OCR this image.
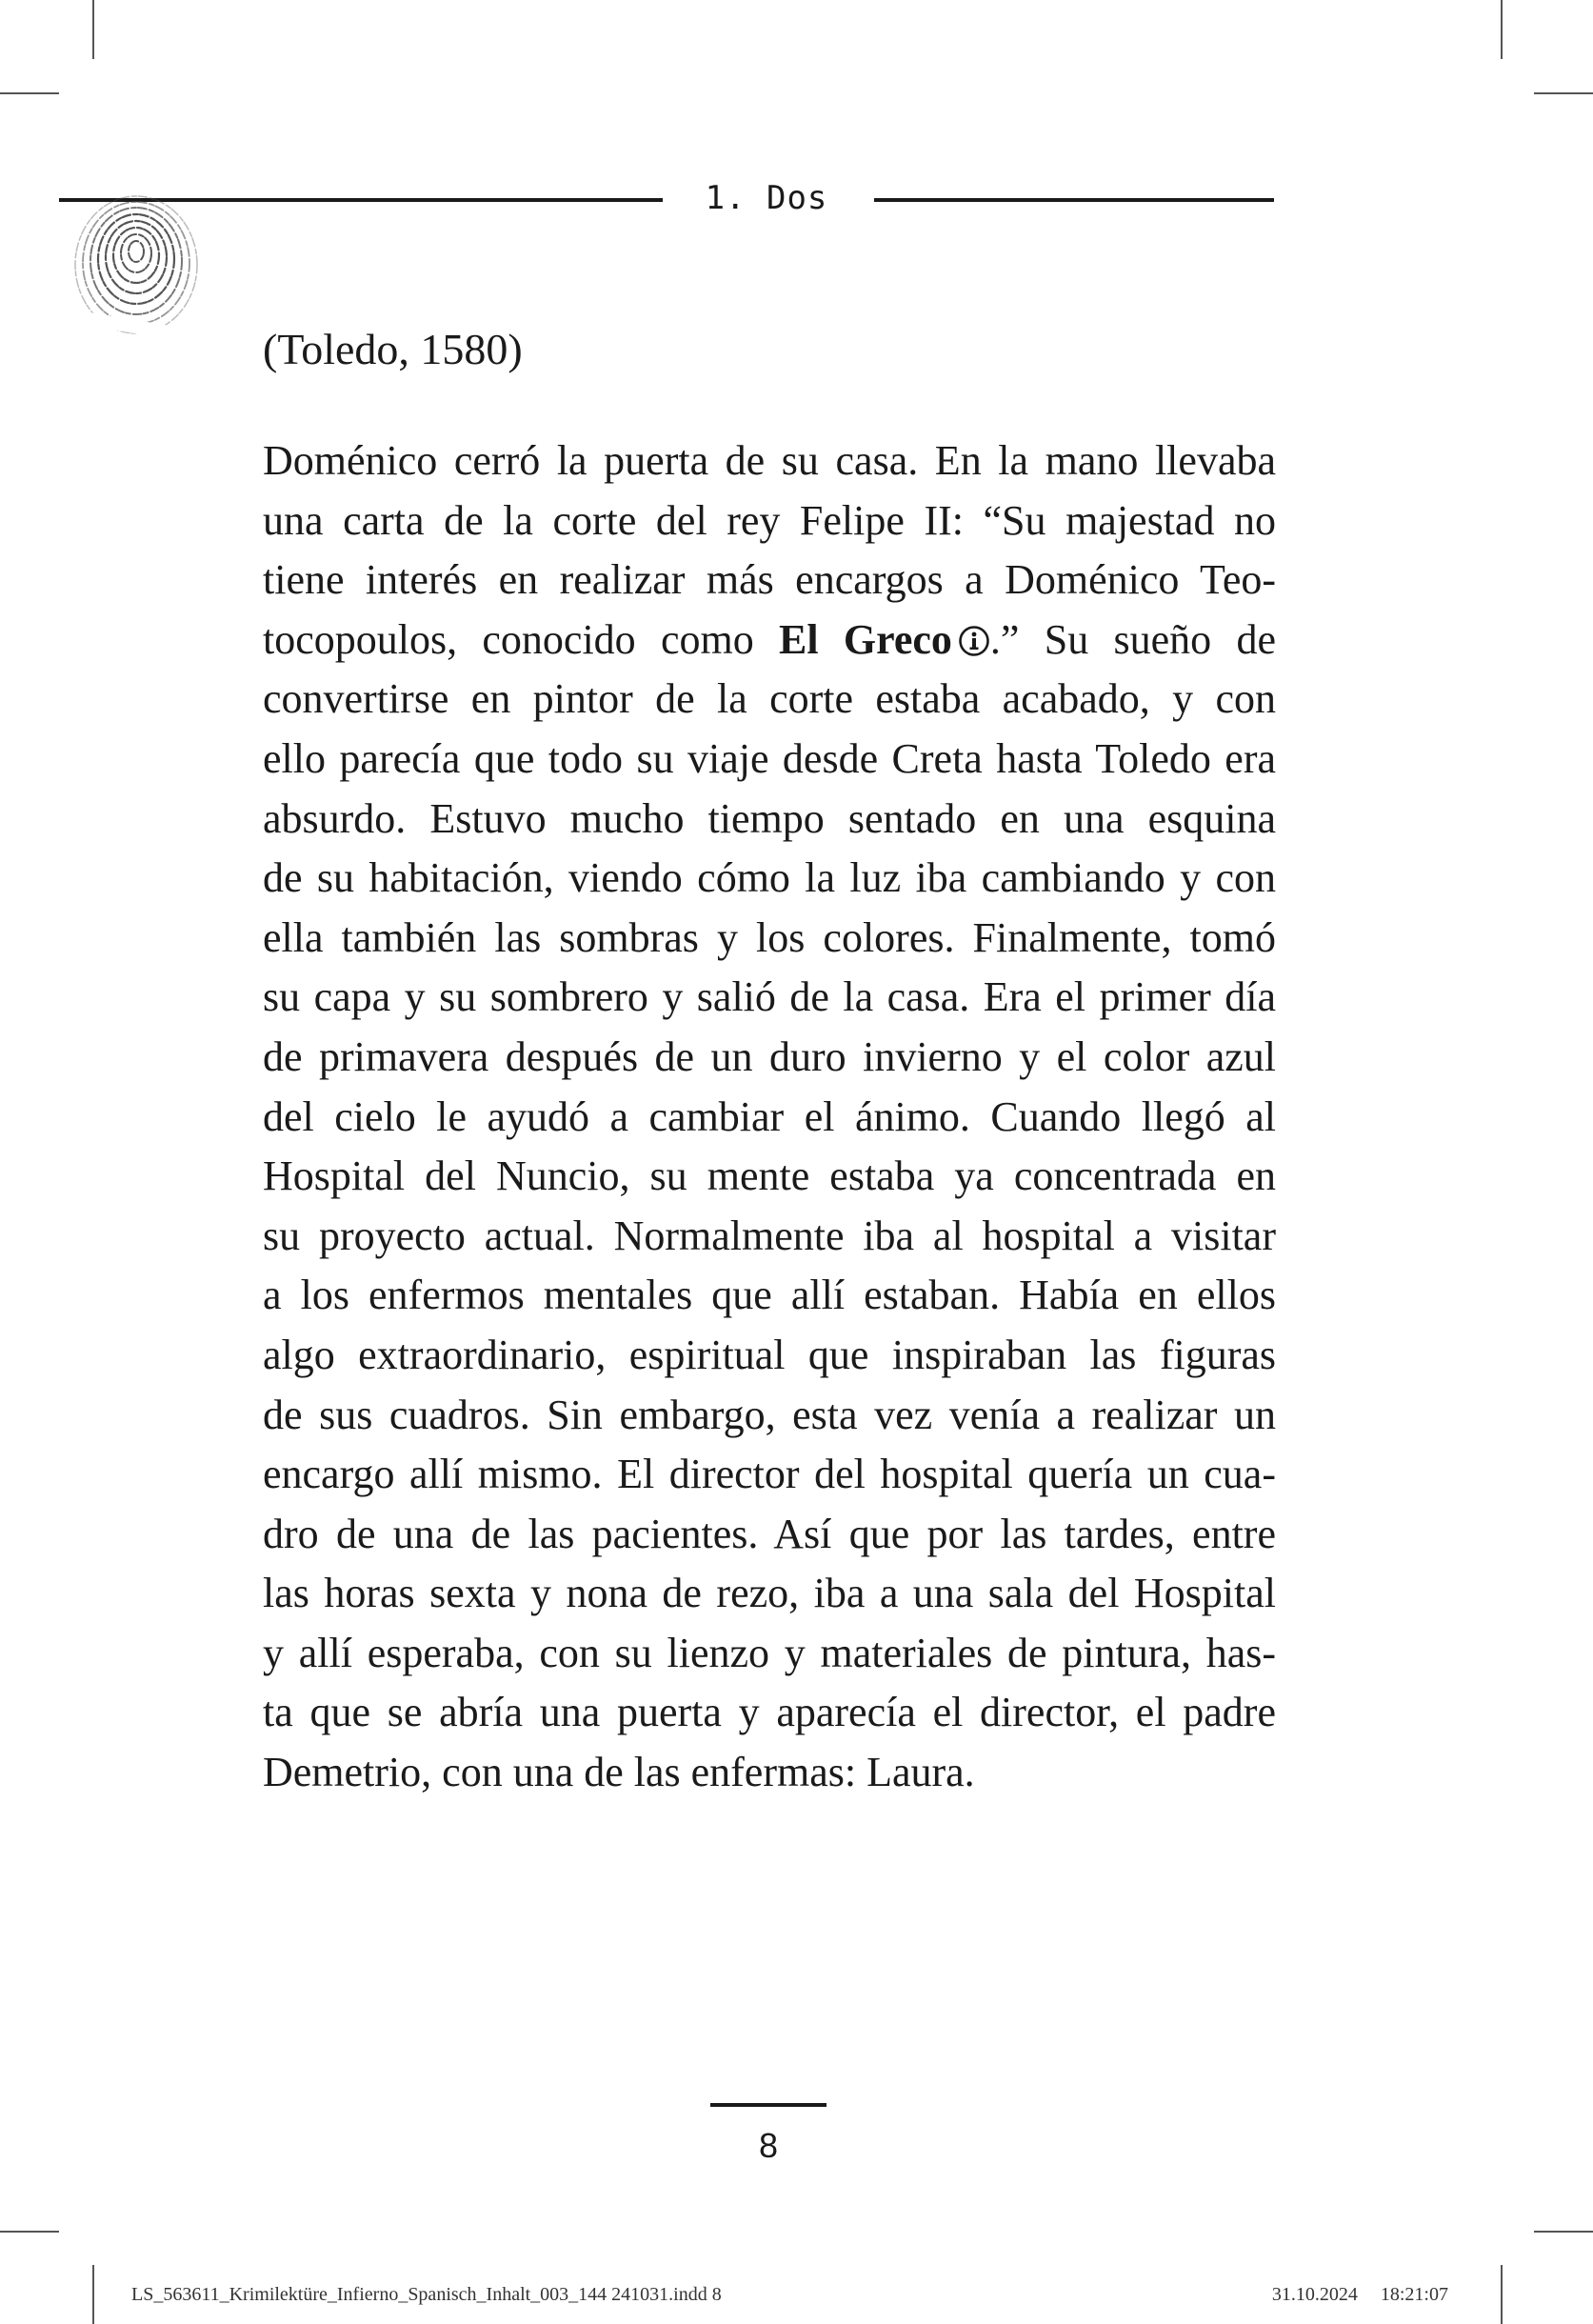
1. Dos

(Toledo, 1580)

Doménico cerró la puerta de su casa. En la mano llevaba
una carta de la corte del rey Felipe II: “Su majestad no
tiene interés en realizar más encargos a Doménico Teo-
tocopoulos, conocido como El Greco .” Su sueño de
convertirse en pintor de la corte estaba acabado, y con
ello parecía que todo su viaje desde Creta hasta Toledo era
absurdo. Estuvo mucho tiempo sentado en una esquina
de su habitación, viendo cómo la luz iba cambiando y con
ella también las sombras y los colores. Finalmente, tomó
su capa y su sombrero y salió de la casa. Era el primer día
de primavera después de un duro invierno y el color azul
del cielo le ayudó a cambiar el ánimo. Cuando llegó al
Hospital del Nuncio, su mente estaba ya concentrada en
su proyecto actual. Normalmente iba al hospital a visitar
a los enfermos mentales que allí estaban. Había en ellos
algo extraordinario, espiritual que inspiraban las figuras
de sus cuadros. Sin embargo, esta vez venía a realizar un
encargo allí mismo. El director del hospital quería un cua-
dro de una de las pacientes. Así que por las tardes, entre
las horas sexta y nona de rezo, iba a una sala del Hospital
y allí esperaba, con su lienzo y materiales de pintura, has-
ta que se abría una puerta y aparecía el director, el padre
Demetrio, con una de las enfermas: Laura.
8
LS_563611_Krimilektüre_Infierno_Spanisch_Inhalt_003_144 241031.indd 8	31.10.2024 18:21:07
